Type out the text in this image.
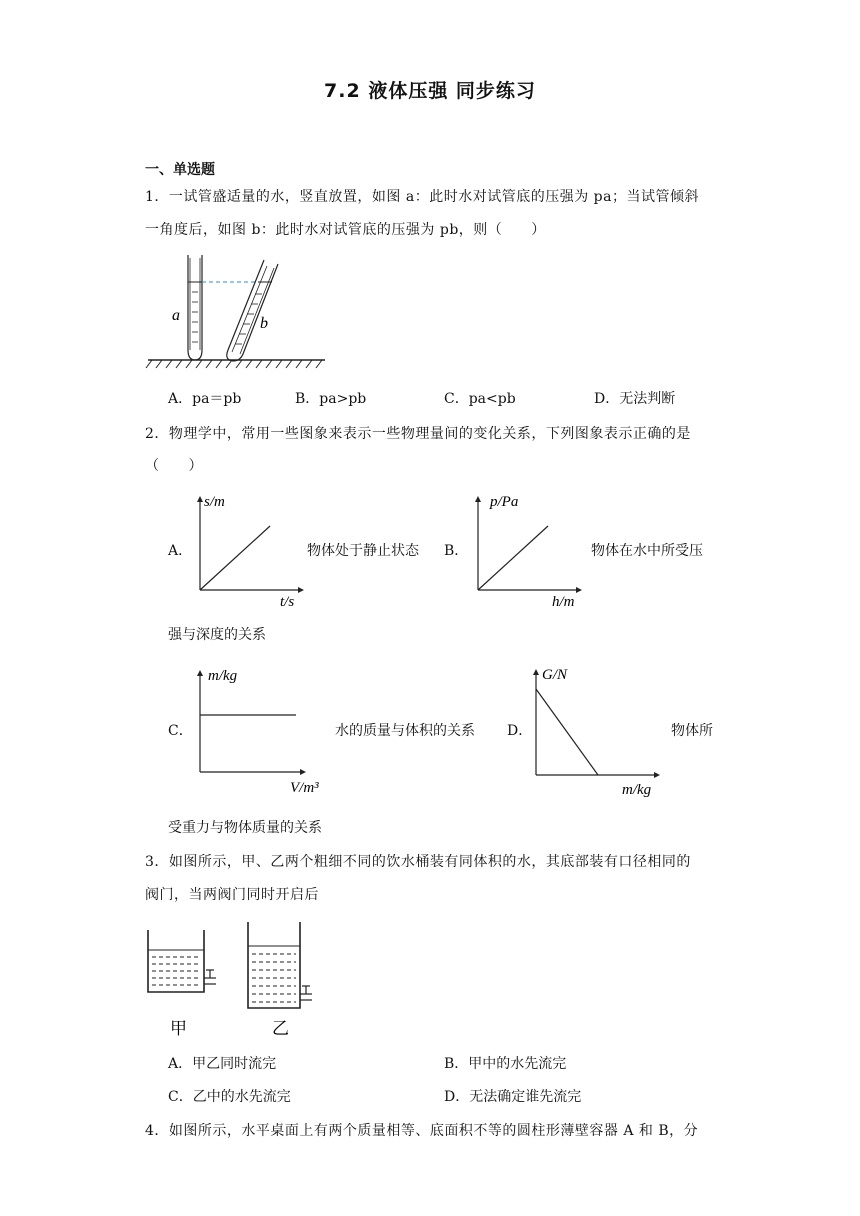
7.2 液体压强 同步练习
一、单选题
1．一试管盛适量的水，竖直放置，如图 a：此时水对试管底的压强为 pa；当试管倾斜
一角度后，如图 b：此时水对试管底的压强为 pb，则（　　）
a	b
A．pa＝pb	B．pa>pb	C．pa<pb	D．无法判断
2．物理学中，常用一些图象来表示一些物理量间的变化关系，下列图象表示正确的是
（　　）
A．
s/m
t/s
物体处于静止状态 B．
p/Pa
h/m
物体在水中所受压
强与深度的关系
C．
m/kg
V/m³
水的质量与体积的关系 D．
G/N
m/kg
物体所
受重力与物体质量的关系
3．如图所示，甲、乙两个粗细不同的饮水桶装有同体积的水，其底部装有口径相同的
阀门，当两阀门同时开启后
甲	乙
A．甲乙同时流完	B．甲中的水先流完
C．乙中的水先流完	D．无法确定谁先流完
4．如图所示，水平桌面上有两个质量相等、底面积不等的圆柱形薄壁容器 A 和 B，分
